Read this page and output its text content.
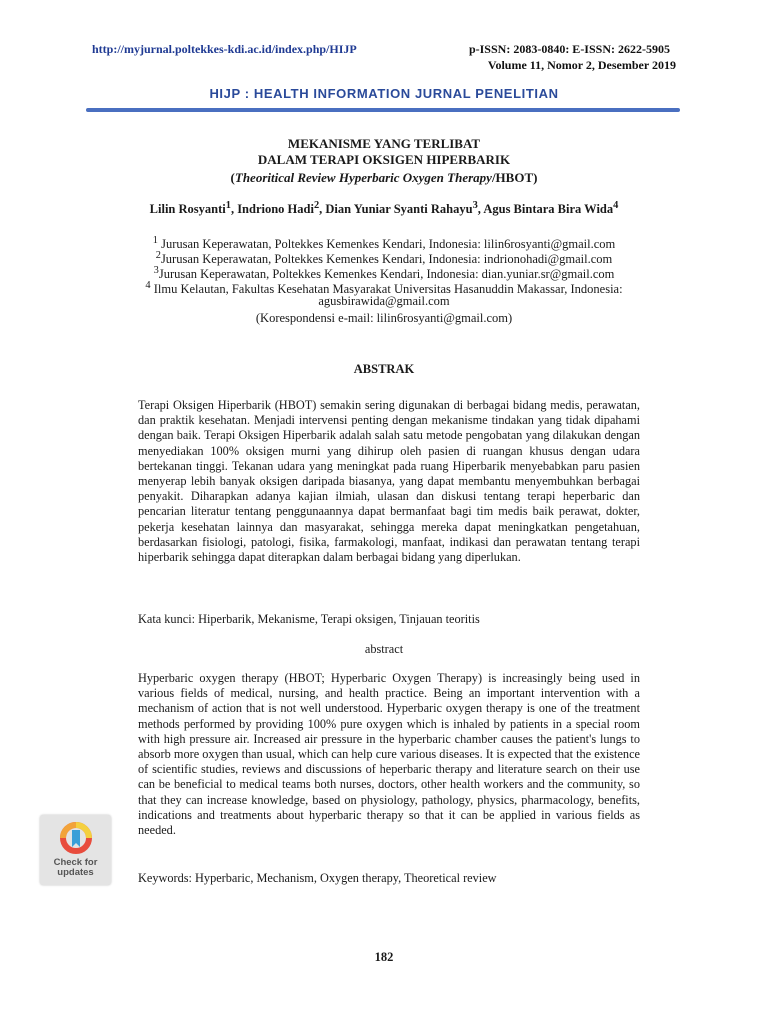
http://myjurnal.poltekkes-kdi.ac.id/index.php/HIJP	p-ISSN: 2083-0840: E-ISSN: 2622-5905
Volume 11, Nomor 2, Desember 2019
HIJP : HEALTH INFORMATION JURNAL PENELITIAN
MEKANISME YANG TERLIBAT
DALAM TERAPI OKSIGEN HIPERBARIK
(Theoritical Review Hyperbaric Oxygen Therapy/HBOT)
Lilin Rosyanti$^1$, Indriono Hadi$^2$, Dian Yuniar Syanti Rahayu$^3$, Agus Bintara Bira Wida$^4$
$^1$ Jurusan Keperawatan, Poltekkes Kemenkes Kendari, Indonesia: lilin6rosyanti@gmail.com
$^2$Jurusan Keperawatan, Poltekkes Kemenkes Kendari, Indonesia: indrionohadi@gmail.com
$^3$Jurusan Keperawatan, Poltekkes Kemenkes Kendari, Indonesia: dian.yuniar.sr@gmail.com
$^4$ Ilmu Kelautan, Fakultas Kesehatan Masyarakat Universitas Hasanuddin Makassar, Indonesia:
agusbirawida@gmail.com
(Korespondensi e-mail: lilin6rosyanti@gmail.com)
ABSTRAK
Terapi Oksigen Hiperbarik (HBOT) semakin sering digunakan di berbagai bidang medis, perawatan, dan praktik kesehatan. Menjadi intervensi penting dengan mekanisme tindakan yang tidak dipahami dengan baik. Terapi Oksigen Hiperbarik adalah salah satu metode pengobatan yang dilakukan dengan menyediakan 100% oksigen murni yang dihirup oleh pasien di ruangan khusus dengan udara bertekanan tinggi. Tekanan udara yang meningkat pada ruang Hiperbarik menyebabkan paru pasien menyerap lebih banyak oksigen daripada biasanya, yang dapat membantu menyembuhkan berbagai penyakit. Diharapkan adanya kajian ilmiah, ulasan dan diskusi tentang terapi heperbaric dan pencarian literatur tentang penggunaannya dapat bermanfaat bagi tim medis baik perawat, dokter, pekerja kesehatan lainnya dan masyarakat, sehingga mereka dapat meningkatkan pengetahuan, berdasarkan fisiologi, patologi, fisika, farmakologi, manfaat, indikasi dan perawatan tentang terapi hiperbarik sehingga dapat diterapkan dalam berbagai bidang yang diperlukan.
Kata kunci: Hiperbarik, Mekanisme, Terapi oksigen, Tinjauan teoritis
abstract
Hyperbaric oxygen therapy (HBOT; Hyperbaric Oxygen Therapy) is increasingly being used in various fields of medical, nursing, and health practice. Being an important intervention with a mechanism of action that is not well understood. Hyperbaric oxygen therapy is one of the treatment methods performed by providing 100% pure oxygen which is inhaled by patients in a special room with high pressure air. Increased air pressure in the hyperbaric chamber causes the patient's lungs to absorb more oxygen than usual, which can help cure various diseases. It is expected that the existence of scientific studies, reviews and discussions of heperbaric therapy and literature search on their use can be beneficial to medical teams both nurses, doctors, other health workers and the community, so that they can increase knowledge, based on physiology, pathology, physics, pharmacology, benefits, indications and treatments about hyperbaric therapy so that it can be applied in various fields as needed.
Keywords: Hyperbaric, Mechanism, Oxygen therapy, Theoretical review
Check for
updates
182
